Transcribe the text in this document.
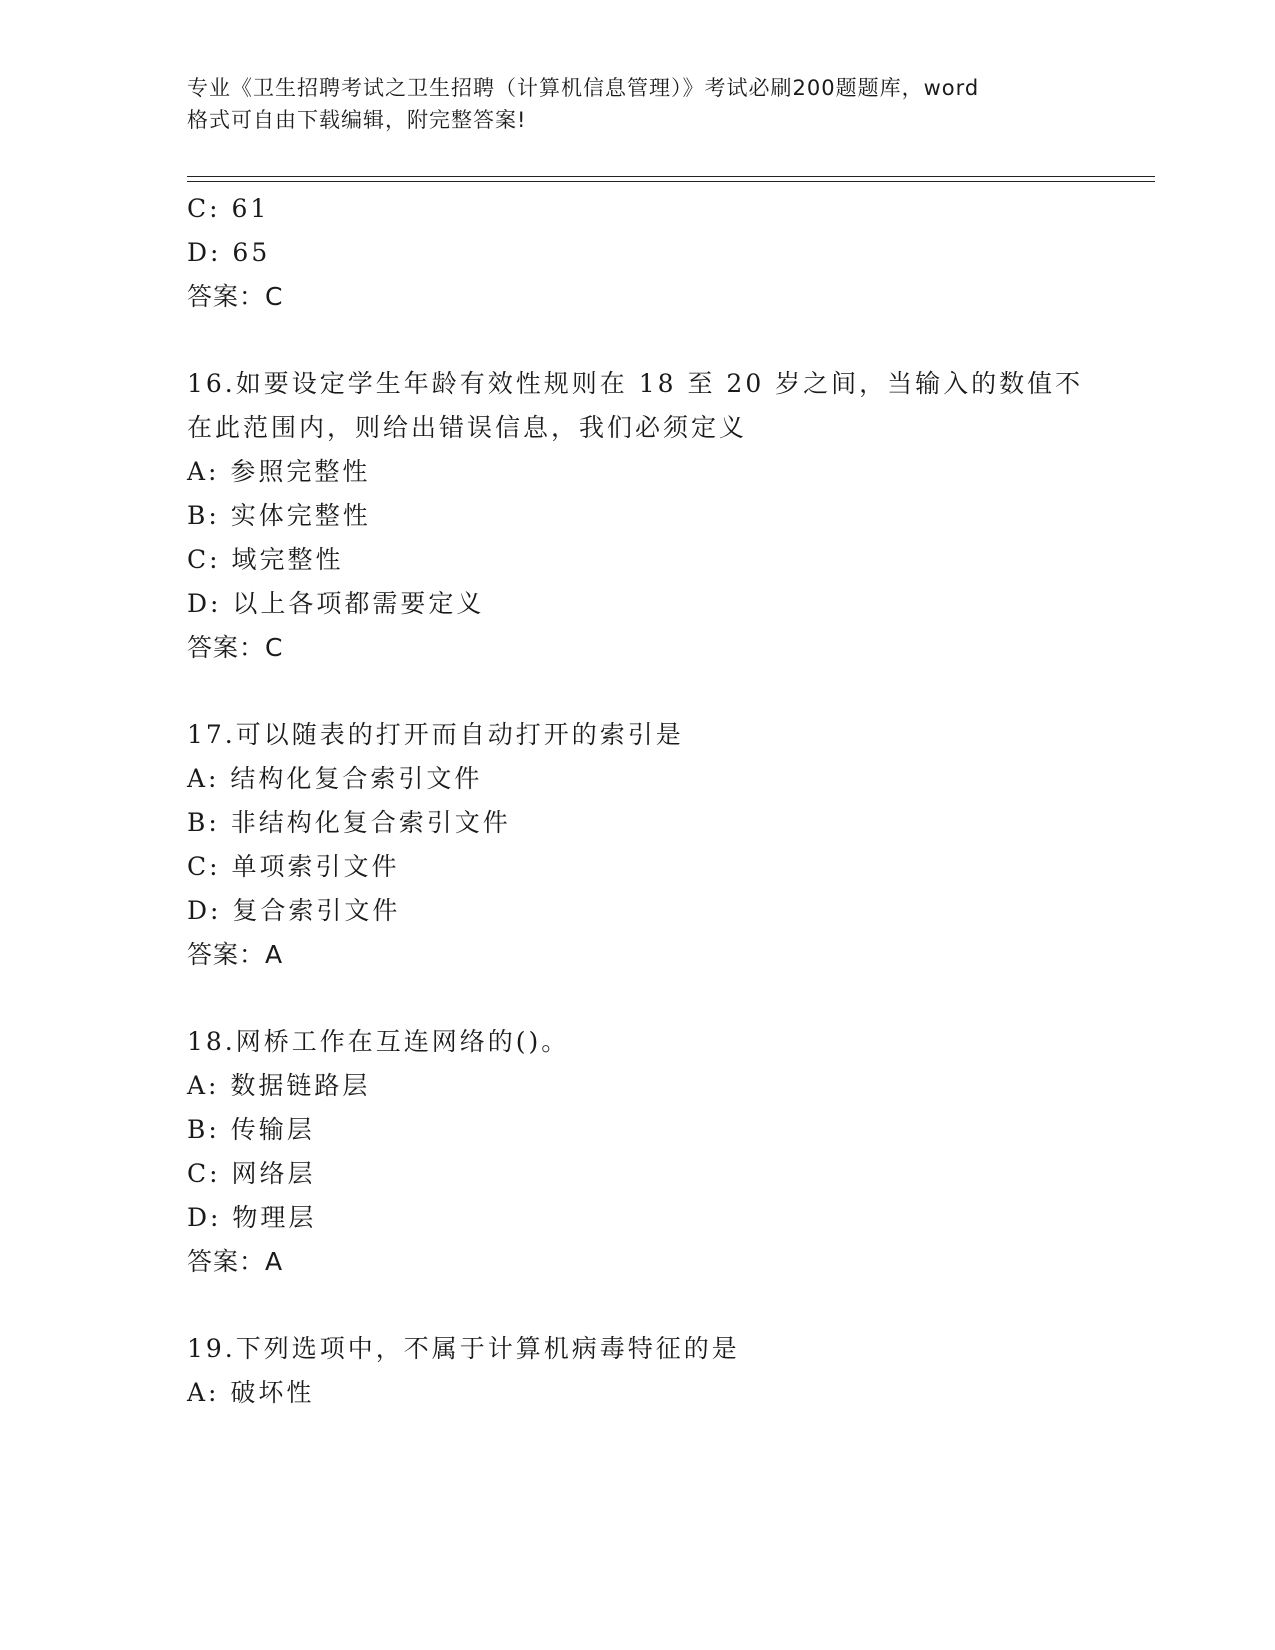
专业《卫生招聘考试之卫生招聘（计算机信息管理）》考试必刷200题题库，word
格式可自由下载编辑，附完整答案!
C: 61
D: 65
答案：C
16.如要设定学生年龄有效性规则在 18 至 20 岁之间，当输入的数值不
在此范围内，则给出错误信息，我们必须定义
A: 参照完整性
B: 实体完整性
C: 域完整性
D: 以上各项都需要定义
答案：C
17.可以随表的打开而自动打开的索引是
A: 结构化复合索引文件
B: 非结构化复合索引文件
C: 单项索引文件
D: 复合索引文件
答案：A
18.网桥工作在互连网络的()。
A: 数据链路层
B: 传输层
C: 网络层
D: 物理层
答案：A
19.下列选项中，不属于计算机病毒特征的是
A: 破坏性
